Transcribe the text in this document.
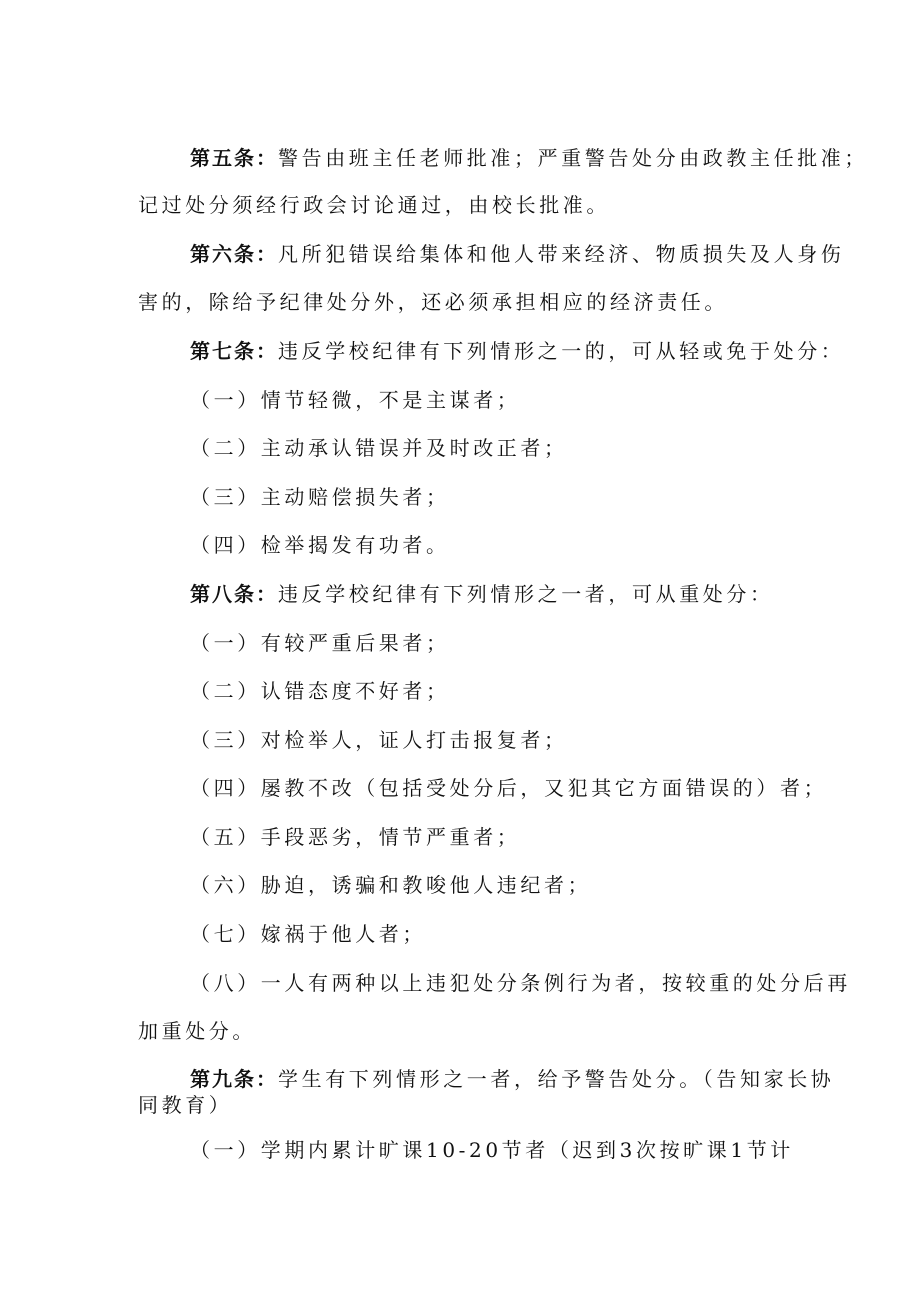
第五条：警告由班主任老师批准；严重警告处分由政教主任批准；
记过处分须经行政会讨论通过，由校长批准。
第六条：凡所犯错误给集体和他人带来经济、物质损失及人身伤
害的，除给予纪律处分外，还必须承担相应的经济责任。
第七条：违反学校纪律有下列情形之一的，可从轻或免于处分：
（一）情节轻微，不是主谋者；
（二）主动承认错误并及时改正者；
（三）主动赔偿损失者；
（四）检举揭发有功者。
第八条：违反学校纪律有下列情形之一者，可从重处分：
（一）有较严重后果者；
（二）认错态度不好者；
（三）对检举人，证人打击报复者；
（四）屡教不改（包括受处分后，又犯其它方面错误的）者；
（五）手段恶劣，情节严重者；
（六）胁迫，诱骗和教唆他人违纪者；
（七）嫁祸于他人者；
（八）一人有两种以上违犯处分条例行为者，按较重的处分后再
加重处分。
第九条：学生有下列情形之一者，给予警告处分。（告知家长协
同教育）
（一）学期内累计旷课10-20节者（迟到3次按旷课1节计
